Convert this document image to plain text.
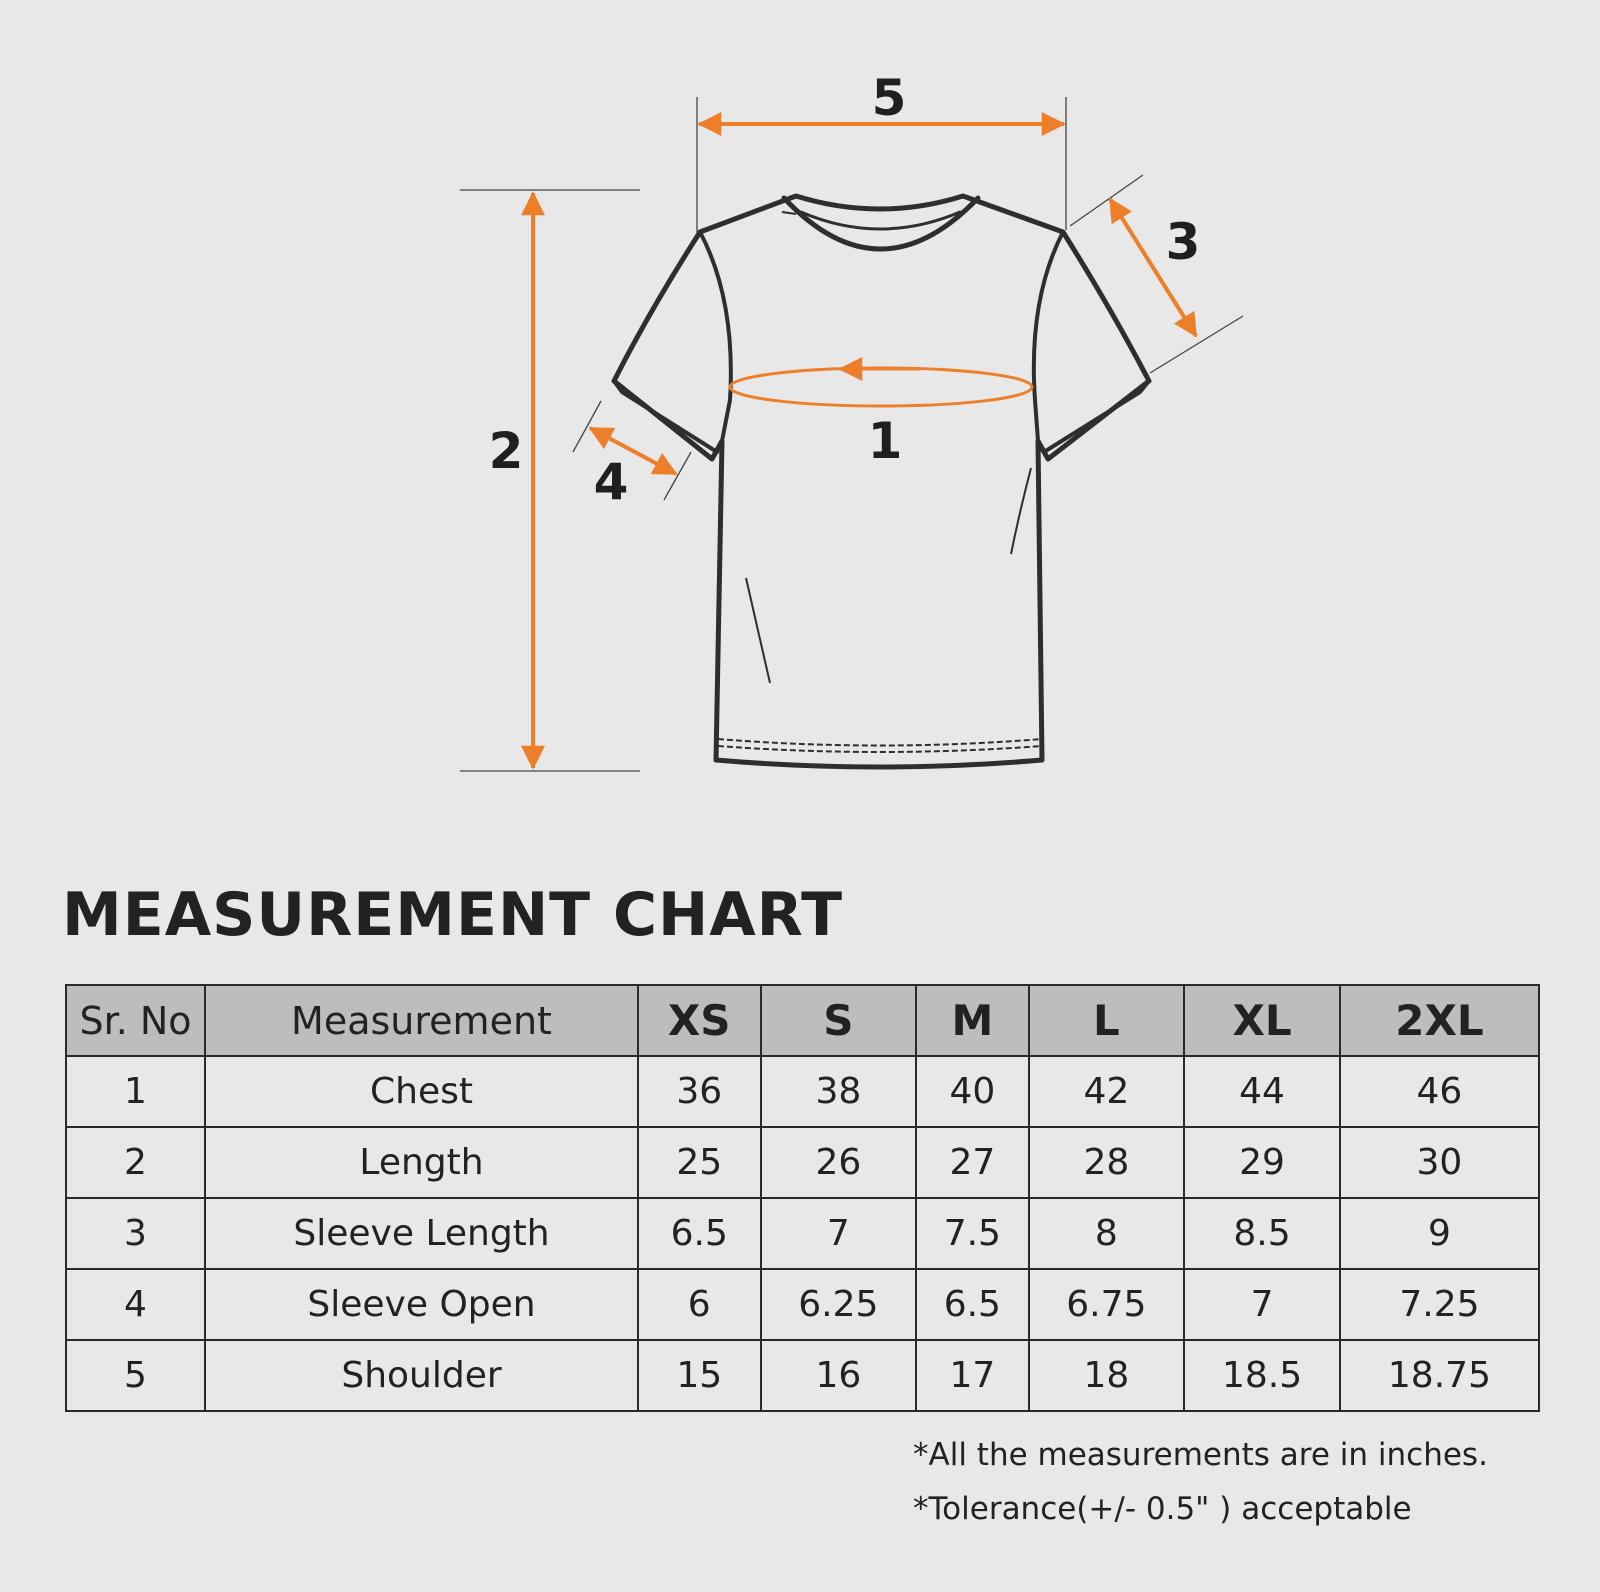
5
2
3
4
1
MEASUREMENT CHART
Sr. No	Measurement	XS	S	M	L	XL	2XL
1	Chest	36	38	40	42	44	46
2	Length	25	26	27	28	29	30
3	Sleeve Length	6.5	7	7.5	8	8.5	9
4	Sleeve Open	6	6.25	6.5	6.75	7	7.25
5	Shoulder	15	16	17	18	18.5	18.75
*All the measurements are in inches.
*Tolerance(+/- 0.5" ) acceptable
